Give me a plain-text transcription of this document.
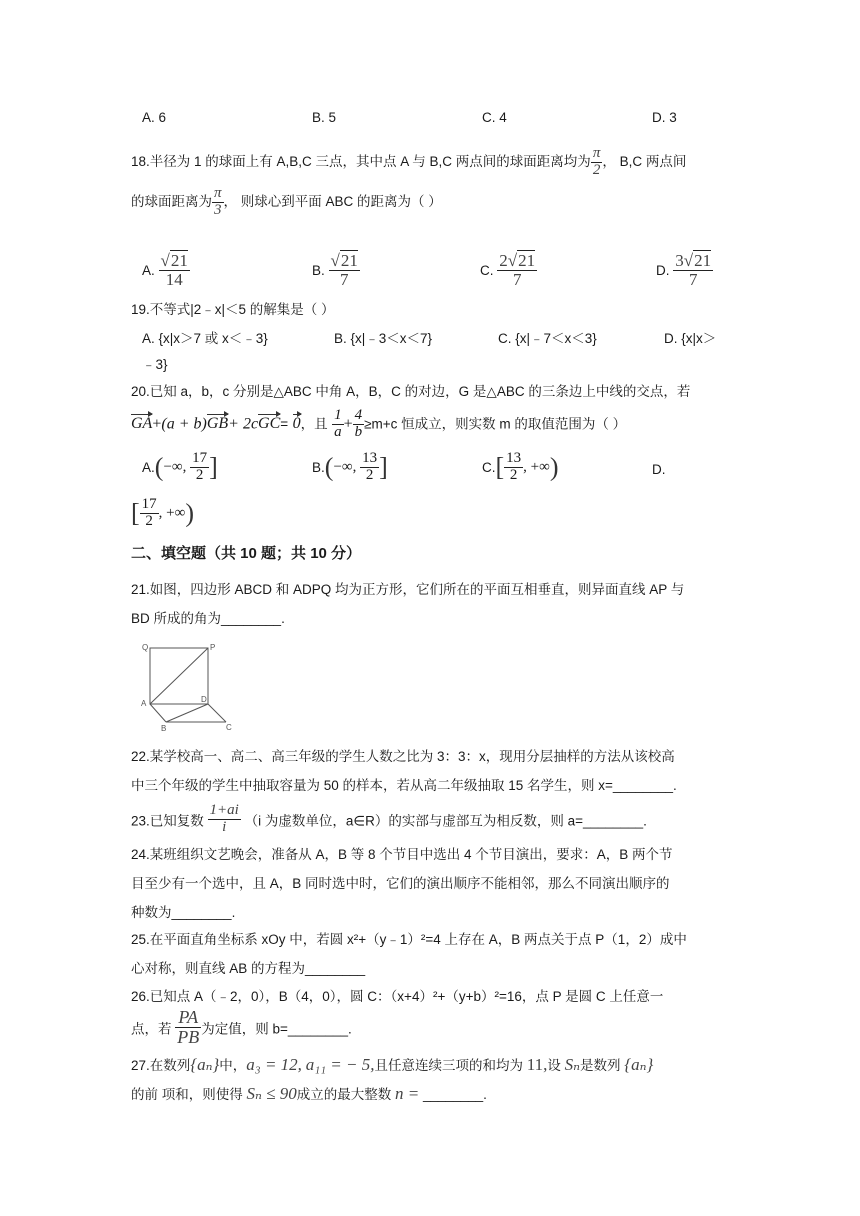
A. 6	B. 5	C. 4	D. 3
18.半径为 1 的球面上有 A,B,C 三点，其中点 A 与 B,C 两点间的球面距离均为 $\frac{\pi}{2}$ ， B,C 两点间
的球面距离为 $\frac{\pi}{3}$ ， 则球心到平面 ABC 的距离为（ ）
A. $\frac{√21}{14}$	B. $\frac{√21}{7}$	C. $\frac{2√21}{7}$	D. $\frac{3√21}{7}$
19.不等式|2﹣x|＜5 的解集是（ ）
A. {x|x＞7 或 x＜﹣3}	B. {x|﹣3＜x＜7}	C. {x|﹣7＜x＜3}	D. {x|x＞
﹣3}
20.已知 a，b，c 分别是△ABC 中角 A，B，C 的对边，G 是△ABC 的三条边上中线的交点，若
GA+(a + b)GB+ 2cGC= 0，且 $\frac{1}{a} + \frac{4}{b} \ge m+c$ 恒成立，则实数 m 的取值范围为（ ）
A.(−∞, $\frac{17}{2}$ ]	B.(−∞, $\frac{13}{2}$ ]	$C.[ \frac{13}{2}$ , +∞)	D.
[ $\frac{17}{2}$ , +∞)
二、填空题（共 10 题；共 10 分）
21.如图，四边形 ABCD 和 ADPQ 均为正方形，它们所在的平面互相垂直，则异面直线 AP 与
BD 所成的角为________.
Q	P
A	D
B	C
22.某学校高一、高二、高三年级的学生人数之比为 3：3：x，现用分层抽样的方法从该校高
中三个年级的学生中抽取容量为 50 的样本，若从高二年级抽取 15 名学生，则 x=________.
23.已知复数 $\frac{1+ai}{i} (i$ 为虚数单位，a∈R）的实部与虚部互为相反数，则 a=________.
24.某班组织文艺晚会，准备从 A，B 等 8 个节目中选出 4 个节目演出，要求：A，B 两个节
目至少有一个选中，且 A，B 同时选中时，它们的演出顺序不能相邻，那么不同演出顺序的
种数为________.
25.在平面直角坐标系 xOy 中，若圆 x²+（y﹣1）²=4 上存在 A，B 两点关于点 P（1，2）成中
心对称，则直线 AB 的方程为________
26.已知点 A（﹣2，0），B（4，0），圆 C：（x+4）²+（y+b）²=16，点 P 是圆 C 上任意一
点，若 $\frac{PA}{PB}$ 为定值，则 b=________.
27.在数列{aₙ}中，a₃ = 12, a₁₁ = − 5,且任意连续三项的和均为 11,设 Sₙ是数列 {aₙ}
的前 项和，则使得 Sₙ ≤ 90成立的最大整数 n = ________.
